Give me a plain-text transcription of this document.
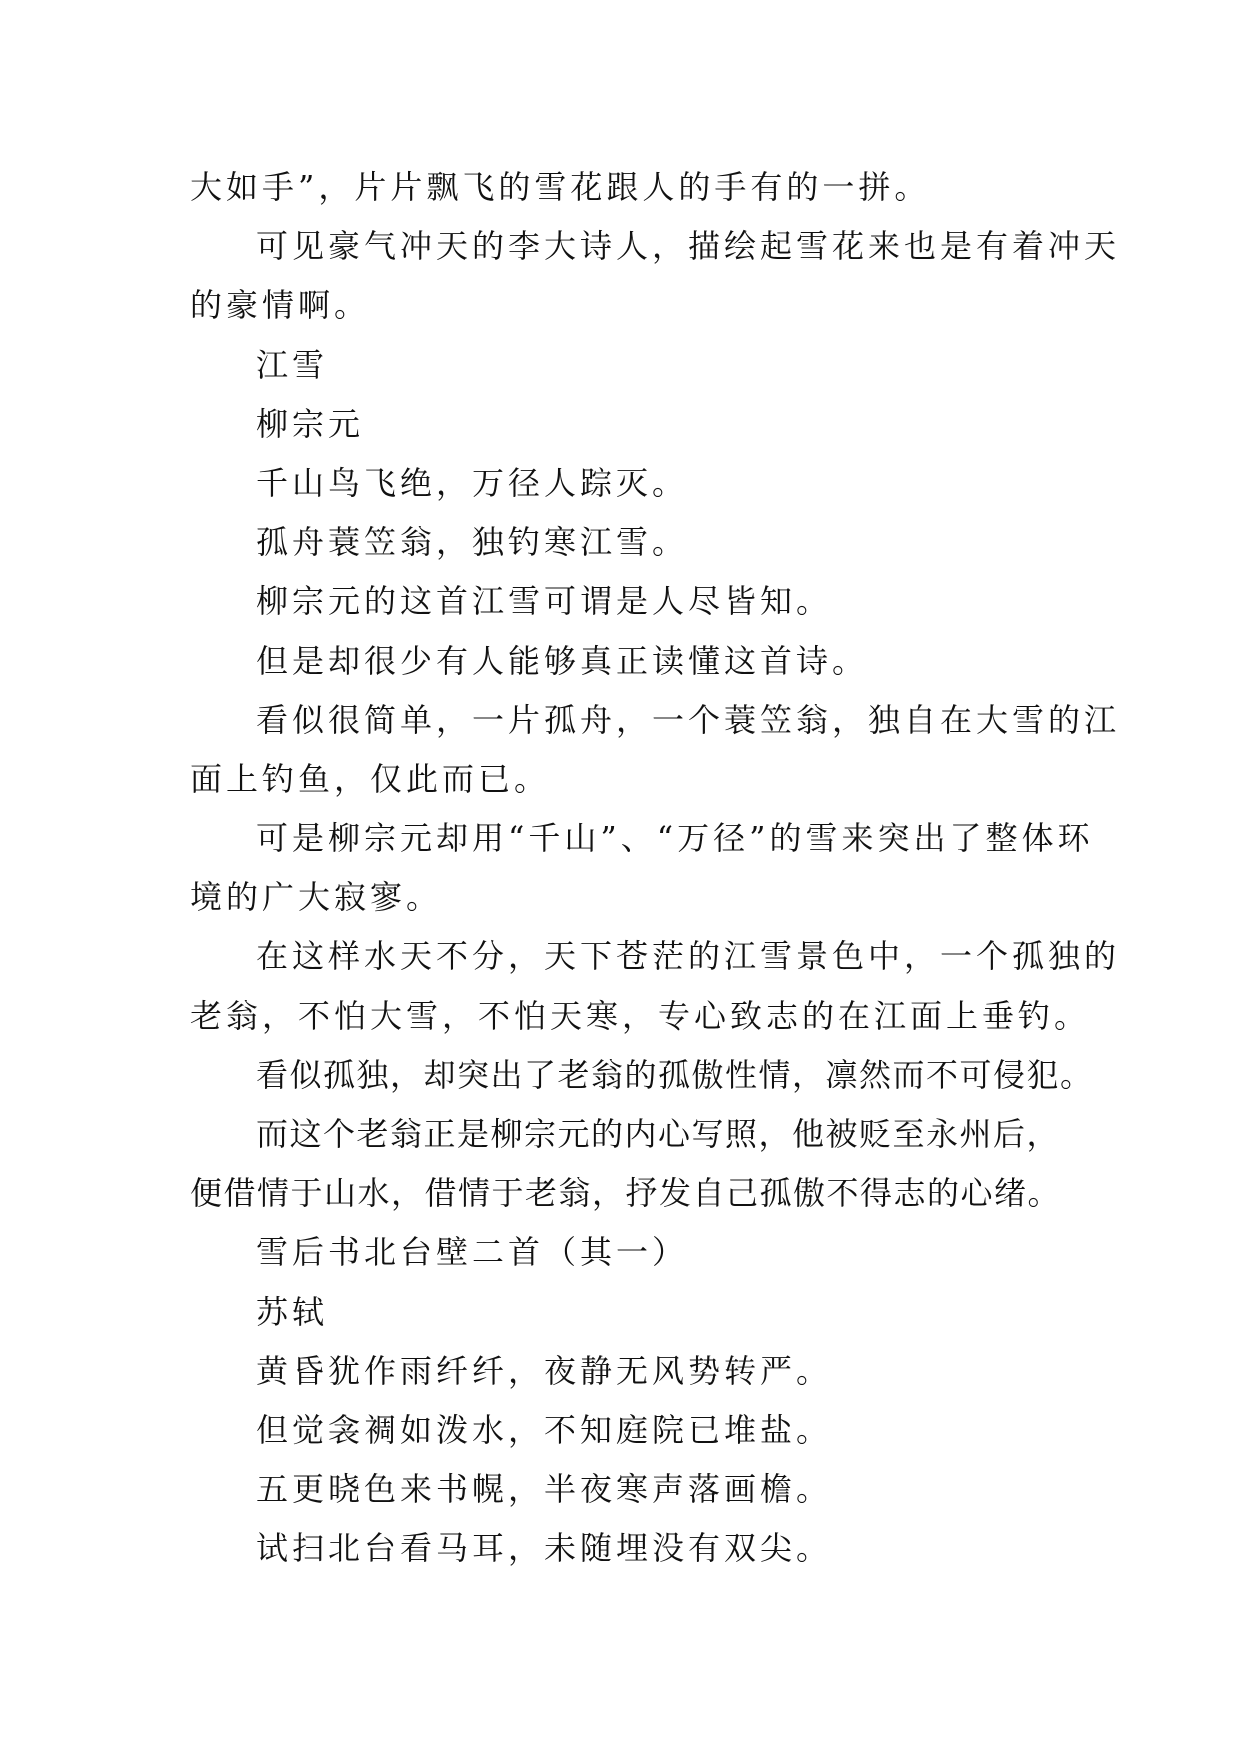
大如手”，片片飘飞的雪花跟人的手有的一拼。
可见豪气冲天的李大诗人，描绘起雪花来也是有着冲天
的豪情啊。
江雪
柳宗元
千山鸟飞绝，万径人踪灭。
孤舟蓑笠翁，独钓寒江雪。
柳宗元的这首江雪可谓是人尽皆知。
但是却很少有人能够真正读懂这首诗。
看似很简单，一片孤舟，一个蓑笠翁，独自在大雪的江
面上钓鱼，仅此而已。
可是柳宗元却用“千山”、“万径”的雪来突出了整体环
境的广大寂寥。
在这样水天不分，天下苍茫的江雪景色中，一个孤独的
老翁，不怕大雪，不怕天寒，专心致志的在江面上垂钓。
看似孤独，却突出了老翁的孤傲性情，凛然而不可侵犯。
而这个老翁正是柳宗元的内心写照，他被贬至永州后，
便借情于山水，借情于老翁，抒发自己孤傲不得志的心绪。
雪后书北台壁二首（其一）
苏轼
黄昏犹作雨纤纤，夜静无风势转严。
但觉衾裯如泼水，不知庭院已堆盐。
五更晓色来书幌，半夜寒声落画檐。
试扫北台看马耳，未随埋没有双尖。
